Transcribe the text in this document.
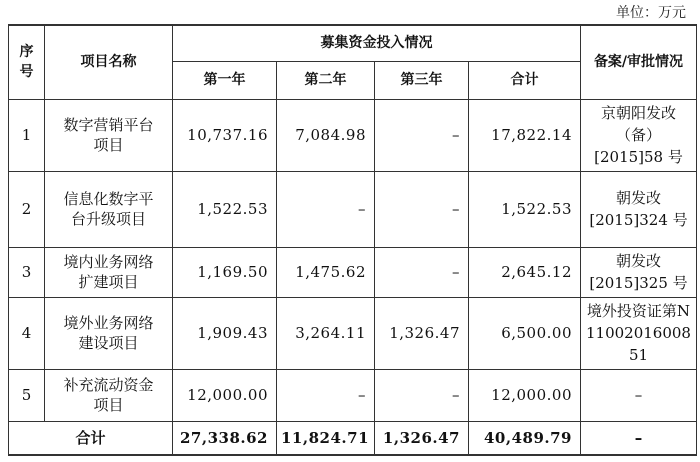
单位：万元
序号	项目名称	募集资金投入情况				备案/审批情况
		第一年	第二年	第三年	合计	
1	数字营销平台项目	10,737.16	7,084.98	–	17,822.14	京朝阳发改（备）[2015]58 号
2	信息化数字平台升级项目	1,522.53	–	–	1,522.53	朝发改 [2015]324 号
3	境内业务网络扩建项目	1,169.50	1,475.62	–	2,645.12	朝发改 [2015]325 号
4	境外业务网络建设项目	1,909.43	3,264.11	1,326.47	6,500.00	境外投资证第N1100201600851
5	补充流动资金项目	12,000.00	–	–	12,000.00	–
合计		27,338.62	11,824.71	1,326.47	40,489.79	–
